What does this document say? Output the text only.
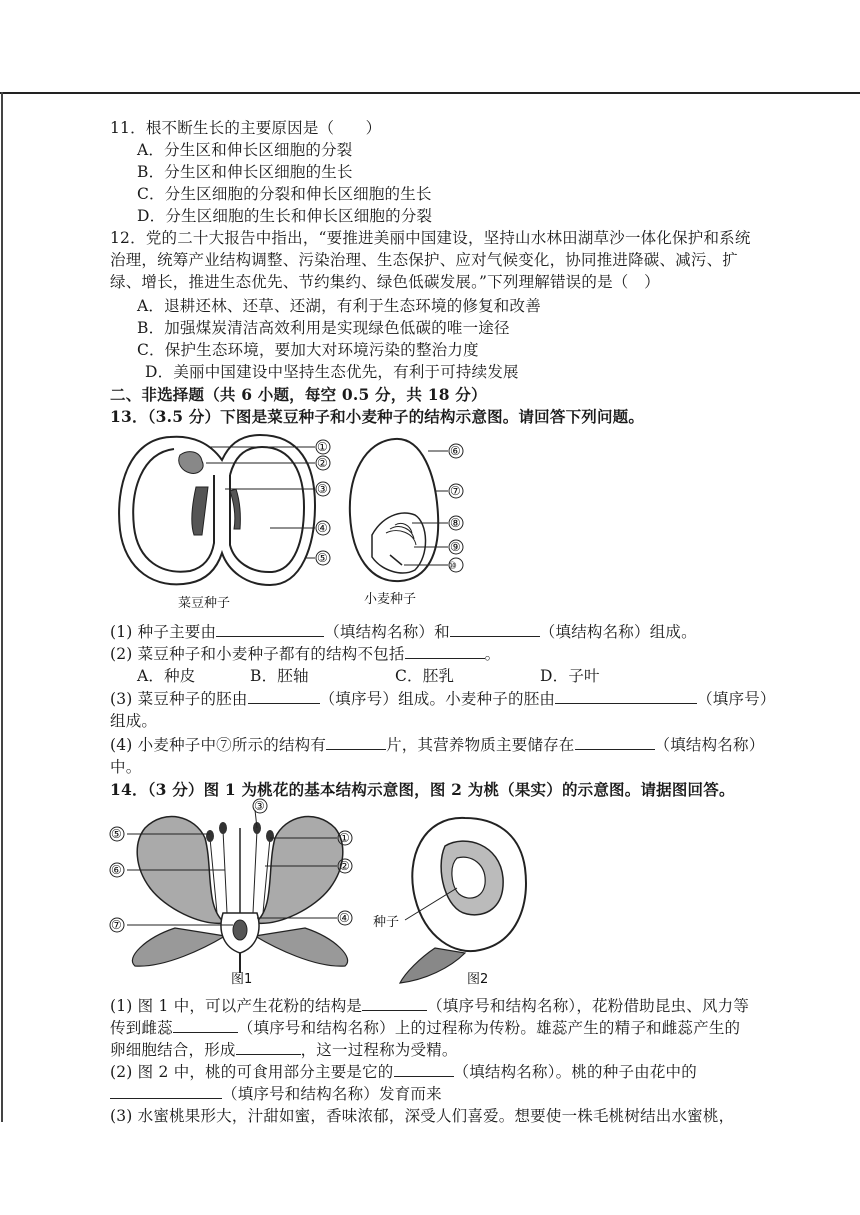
11．根不断生长的主要原因是（　　）
A．分生区和伸长区细胞的分裂
B．分生区和伸长区细胞的生长
C．分生区细胞的分裂和伸长区细胞的生长
D．分生区细胞的生长和伸长区细胞的分裂
12．党的二十大报告中指出，“要推进美丽中国建设，坚持山水林田湖草沙一体化保护和系统
治理，统筹产业结构调整、污染治理、生态保护、应对气候变化，协同推进降碳、减污、扩
绿、增长，推进生态优先、节约集约、绿色低碳发展。”下列理解错误的是（　）
A．退耕还林、还草、还湖，有利于生态环境的修复和改善
B．加强煤炭清洁高效利用是实现绿色低碳的唯一途径
C．保护生态环境，要加大对环境污染的整治力度
D．美丽中国建设中坚持生态优先，有利于可持续发展
二、非选择题（共 6 小题，每空 0.5 分，共 18 分）
13．（3.5 分）下图是菜豆种子和小麦种子的结构示意图。请回答下列问题。
①
②
③
④
⑤
菜豆种子
⑥
⑦
⑧
⑨
⑩
小麦种子
(1) 种子主要由	（填结构名称）和	（填结构名称）组成。
(2) 菜豆种子和小麦种子都有的结构不包括	。
A．种皮	B．胚轴	C．胚乳	D．子叶
(3) 菜豆种子的胚由	（填序号）组成。小麦种子的胚由	（填序号）
组成。
(4) 小麦种子中⑦所示的结构有	片，其营养物质主要储存在	（填结构名称）
中。
14．（3 分）图 1 为桃花的基本结构示意图，图 2 为桃（果实）的示意图。请据图回答。
⑤
⑥
⑦
③
①
②
④
图1
种子
图2
(1) 图 1 中，可以产生花粉的结构是	（填序号和结构名称），花粉借助昆虫、风力等
传到雌蕊	（填序号和结构名称）上的过程称为传粉。雄蕊产生的精子和雌蕊产生的
卵细胞结合，形成	，这一过程称为受精。
(2) 图 2 中，桃的可食用部分主要是它的	（填结构名称）。桃的种子由花中的
（填序号和结构名称）发育而来
(3) 水蜜桃果形大，汁甜如蜜，香味浓郁，深受人们喜爱。想要使一株毛桃树结出水蜜桃，
